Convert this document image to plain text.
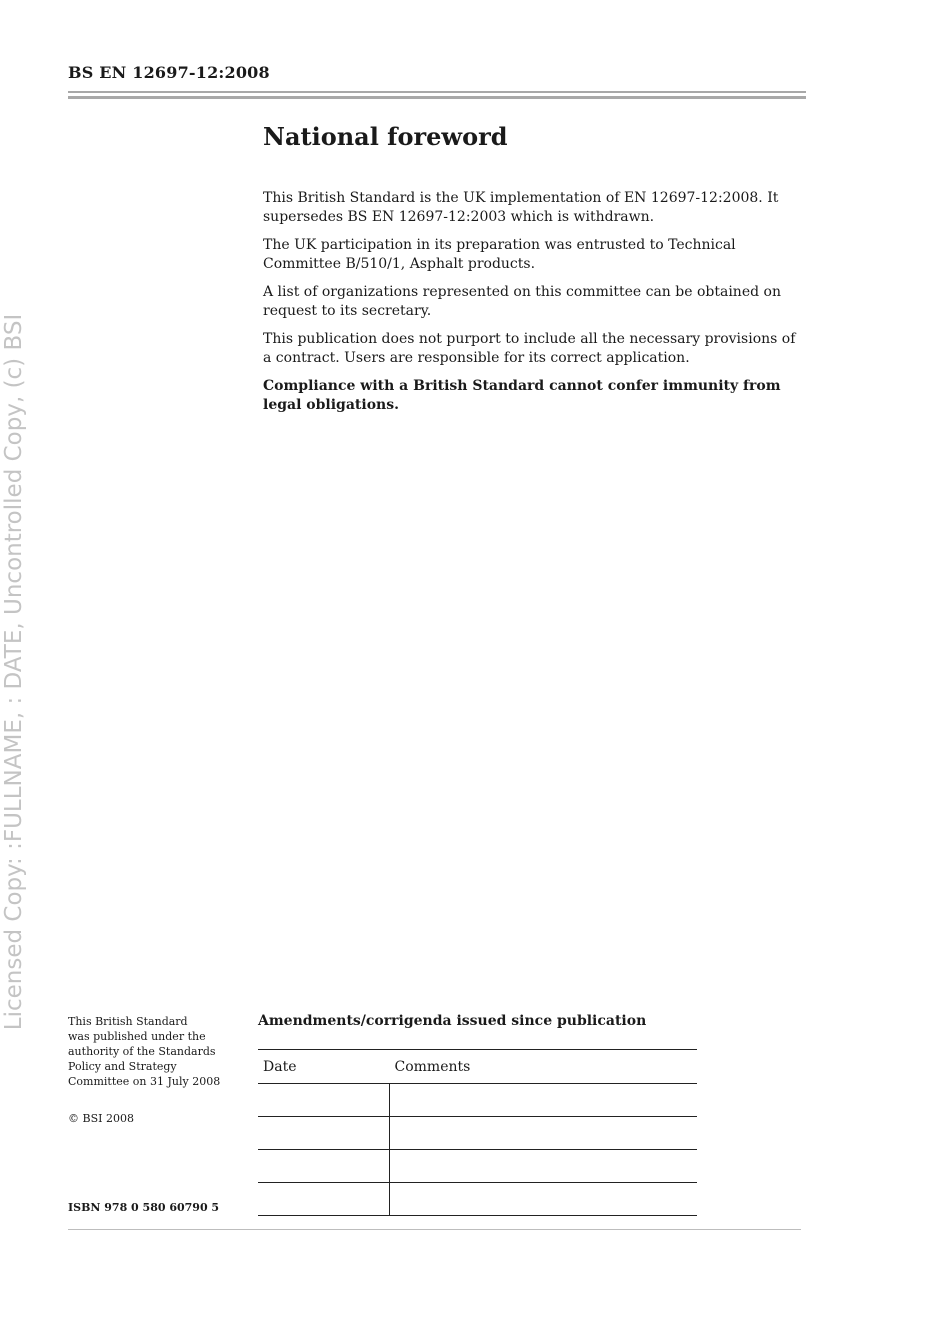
BS EN 12697-12:2008
National foreword

This British Standard is the UK implementation of EN 12697-12:2008. It supersedes BS EN 12697-12:2003 which is withdrawn.

The UK participation in its preparation was entrusted to Technical Committee B/510/1, Asphalt products.

A list of organizations represented on this committee can be obtained on request to its secretary.

This publication does not purport to include all the necessary provisions of a contract. Users are responsible for its correct application.

Compliance with a British Standard cannot confer immunity from legal obligations.

Licensed Copy: :FULLNAME, : DATE, Uncontrolled Copy, (c) BSI	This British Standard
was published under the
authority of the Standards
Policy and Strategy
Committee on 31 July 2008
© BSI 2008
ISBN 978 0 580 60790 5
Amendments/corrigenda issued since publication
Date	Comments
